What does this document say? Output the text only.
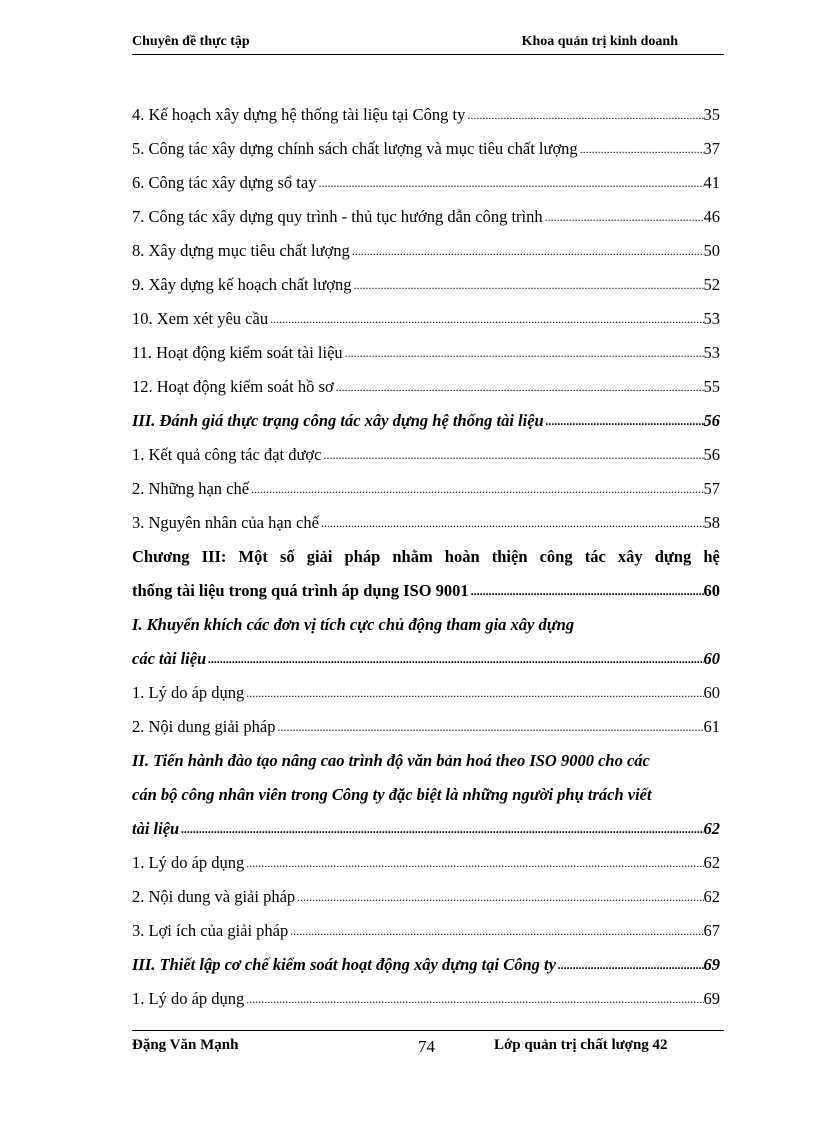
Chuyên đề thực tập	Khoa quản trị kinh doanh
4. Kế hoạch xây dựng hệ thống tài liệu tại Công ty .....	35
5. Công tác xây dựng chính sách chất lượng và mục tiêu chất lượng .....	37
6. Công tác xây dựng sổ tay .....	41
7. Công tác xây dựng quy trình - thủ tục hướng dẫn công trình .....	46
8. Xây dựng mục tiêu chất lượng .....	50
9. Xây dựng kế hoạch chất lượng .....	52
10. Xem xét yêu cầu .....	53
11. Hoạt động kiểm soát tài liệu .....	53
12. Hoạt động kiểm soát hồ sơ .....	55
III. Đánh giá thực trạng công tác xây dựng hệ thống tài liệu .....	56
1. Kết quả công tác đạt được .....	56
2. Những hạn chế .....	57
3. Nguyên nhân của hạn chế .....	58
Chương III: Một số giải pháp nhằm hoàn thiện công tác xây dựng hệ
thống tài liệu trong quá trình áp dụng ISO 9001 .....	60
I. Khuyến khích các đơn vị tích cực chủ động tham gia xây dựng
các tài liệu .....	60
1. Lý do áp dụng .....	60
2. Nội dung giải pháp .....	61
II. Tiến hành đào tạo nâng cao trình độ văn bản hoá theo ISO 9000 cho các
cán bộ công nhân viên trong Công ty đặc biệt là những người phụ trách viết
tài liệu .....	62
1. Lý do áp dụng .....	62
2. Nội dung và giải pháp .....	62
3. Lợi ích của giải pháp .....	67
III. Thiết lập cơ chế kiểm soát hoạt động xây dựng tại Công ty .....	69
1. Lý do áp dụng .....	69
Đặng Văn Mạnh	74	Lớp quản trị chất lượng 42
